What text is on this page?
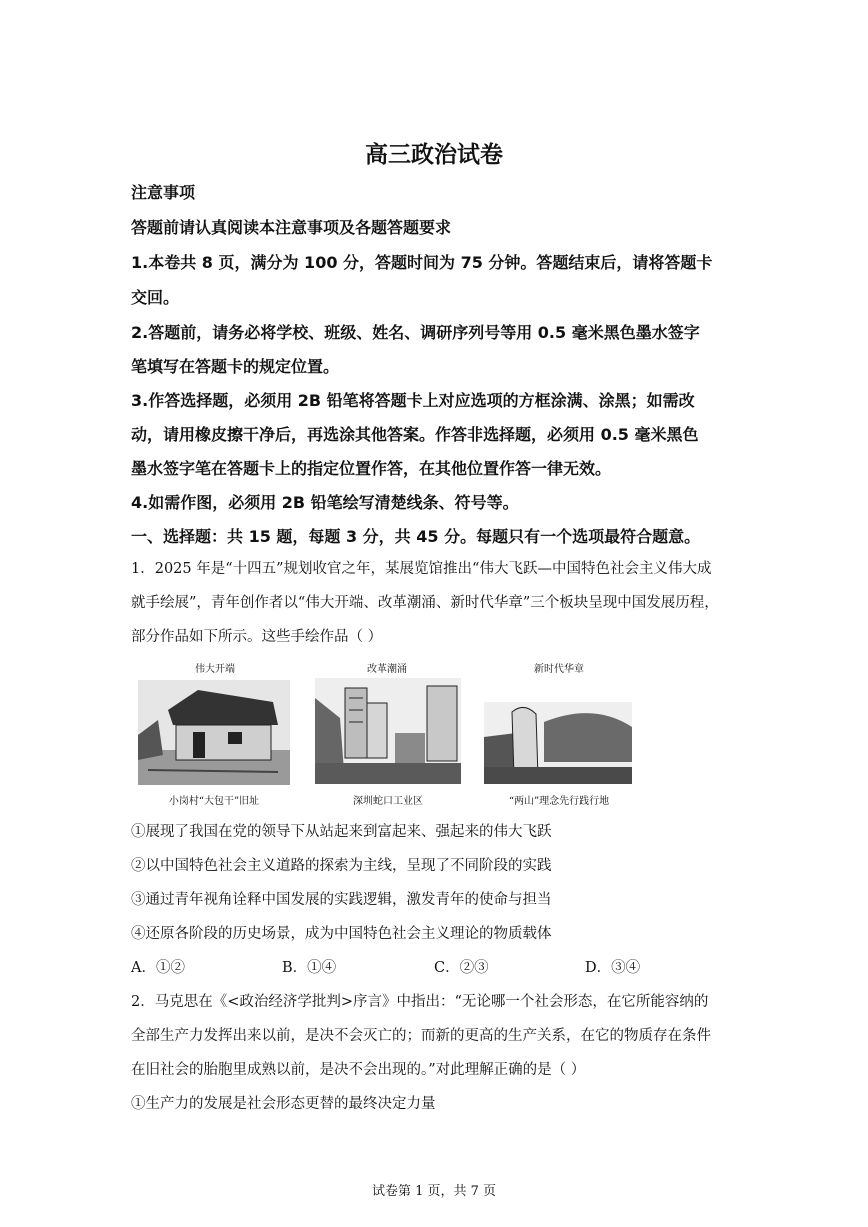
高三政治试卷
注意事项
答题前请认真阅读本注意事项及各题答题要求
1.本卷共 8 页，满分为 100 分，答题时间为 75 分钟。答题结束后，请将答题卡
交回。
2.答题前，请务必将学校、班级、姓名、调研序列号等用 0.5 毫米黑色墨水签字
笔填写在答题卡的规定位置。
3.作答选择题，必须用 2B 铅笔将答题卡上对应选项的方框涂满、涂黑；如需改
动，请用橡皮擦干净后，再选涂其他答案。作答非选择题，必须用 0.5 毫米黑色
墨水签字笔在答题卡上的指定位置作答，在其他位置作答一律无效。
4.如需作图，必须用 2B 铅笔绘写清楚线条、符号等。
一、选择题：共 15 题，每题 3 分，共 45 分。每题只有一个选项最符合题意。
1．2025 年是“十四五”规划收官之年，某展览馆推出“伟大飞跃—中国特色社会主义伟大成
就手绘展”，青年创作者以“伟大开端、改革潮涌、新时代华章”三个板块呈现中国发展历程，
部分作品如下所示。这些手绘作品（ ）
伟大开端
小岗村“大包干”旧址
改革潮涌
深圳蛇口工业区
新时代华章
“两山”理念先行践行地
①展现了我国在党的领导下从站起来到富起来、强起来的伟大飞跃
②以中国特色社会主义道路的探索为主线，呈现了不同阶段的实践
③通过青年视角诠释中国发展的实践逻辑，激发青年的使命与担当
④还原各阶段的历史场景，成为中国特色社会主义理论的物质载体
A．①②	B．①④	C．②③	D．③④
2．马克思在《<政治经济学批判>序言》中指出：“无论哪一个社会形态，在它所能容纳的
全部生产力发挥出来以前，是决不会灭亡的；而新的更高的生产关系，在它的物质存在条件
在旧社会的胎胞里成熟以前，是决不会出现的。”对此理解正确的是（ ）
①生产力的发展是社会形态更替的最终决定力量
试卷第 1 页，共 7 页
